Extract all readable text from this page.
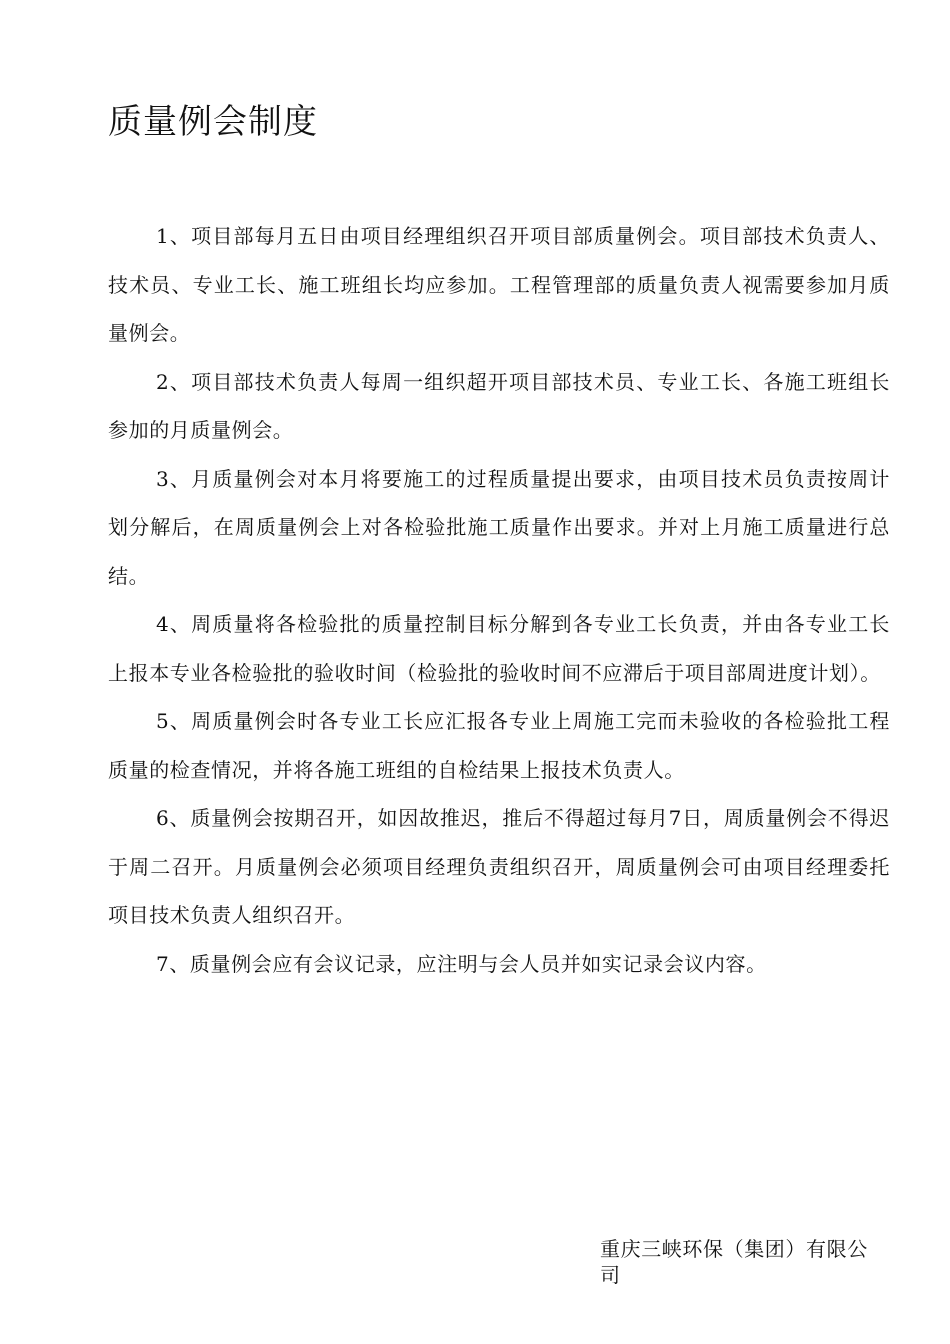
质量例会制度

1、项目部每月五日由项目经理组织召开项目部质量例会。项目部技术负责人、技术员、专业工长、施工班组长均应参加。工程管理部的质量负责人视需要参加月质量例会。

2、项目部技术负责人每周一组织超开项目部技术员、专业工长、各施工班组长参加的月质量例会。

3、月质量例会对本月将要施工的过程质量提出要求，由项目技术员负责按周计划分解后，在周质量例会上对各检验批施工质量作出要求。并对上月施工质量进行总结。

4、周质量将各检验批的质量控制目标分解到各专业工长负责，并由各专业工长上报本专业各检验批的验收时间（检验批的验收时间不应滞后于项目部周进度计划）。

5、周质量例会时各专业工长应汇报各专业上周施工完而未验收的各检验批工程质量的检查情况，并将各施工班组的自检结果上报技术负责人。

6、质量例会按期召开，如因故推迟，推后不得超过每月7日，周质量例会不得迟于周二召开。月质量例会必须项目经理负责组织召开，周质量例会可由项目经理委托项目技术负责人组织召开。

7、质量例会应有会议记录，应注明与会人员并如实记录会议内容。

重庆三峡环保（集团）有限公司
